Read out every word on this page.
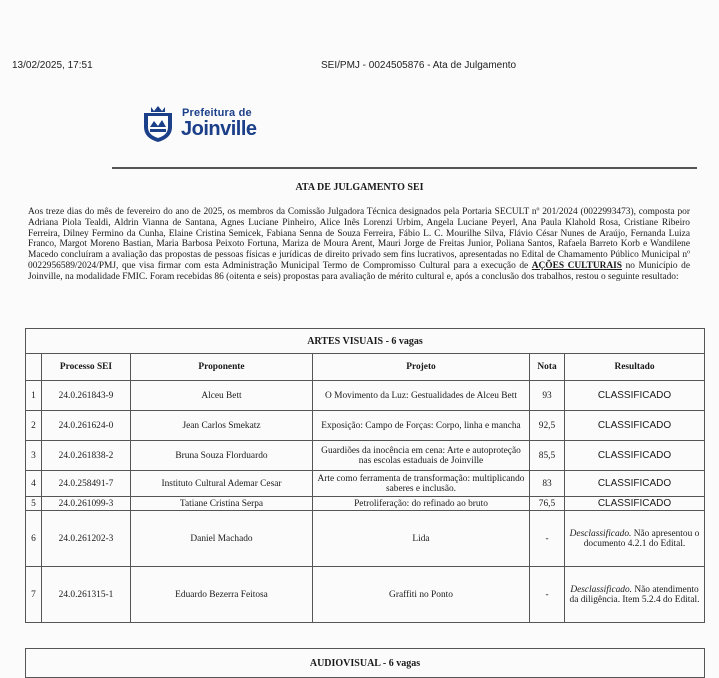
13/02/2025, 17:51	SEI/PMJ - 0024505876 - Ata de Julgamento
Prefeitura de
Joinville
ATA DE JULGAMENTO SEI
Aos treze dias do mês de fevereiro do ano de 2025, os membros da Comissão Julgadora Técnica designados pela Portaria SECULT nº 201/2024 (0022993473), composta por Adriana Piola Tealdi, Aldrin Vianna de Santana, Agnes Luciane Pinheiro, Alice Inês Lorenzi Urbim, Angela Luciane Peyerl, Ana Paula Klahold Rosa, Cristiane Ribeiro Ferreira, Dilney Fermino da Cunha, Elaine Cristina Semicek, Fabiana Senna de Souza Ferreira, Fábio L. C. Mourilhe Silva, Flávio César Nunes de Araújo, Fernanda Luiza Franco, Margot Moreno Bastian, Maria Barbosa Peixoto Fortuna, Mariza de Moura Arent, Mauri Jorge de Freitas Junior, Poliana Santos, Rafaela Barreto Korb e Wandilene Macedo concluíram a avaliação das propostas de pessoas físicas e jurídicas de direito privado sem fins lucrativos, apresentadas no Edital de Chamamento Público Municipal nº 0022956589/2024/PMJ, que visa firmar com esta Administração Municipal Termo de Compromisso Cultural para a execução de AÇÕES CULTURAIS no Município de Joinville, na modalidade FMIC. Foram recebidas 86 (oitenta e seis) propostas para avaliação de mérito cultural e, após a conclusão dos trabalhos, restou o seguinte resultado:
ARTES VISUAIS - 6 vagas					
	Processo SEI	Proponente	Projeto	Nota	Resultado
1	24.0.261843-9	Alceu Bett	O Movimento da Luz: Gestualidades de Alceu Bett	93	CLASSIFICADO
2	24.0.261624-0	Jean Carlos Smekatz	Exposição: Campo de Forças: Corpo, linha e mancha	92,5	CLASSIFICADO
3	24.0.261838-2	Bruna Souza Florduardo	Guardiões da inocência em cena: Arte e autoproteção nas escolas estaduais de Joinville	85,5	CLASSIFICADO
4	24.0.258491-7	Instituto Cultural Ademar Cesar	Arte como ferramenta de transformação: multiplicando saberes e inclusão.	83	CLASSIFICADO
5	24.0.261099-3	Tatiane Cristina Serpa	Petroliferação: do refinado ao bruto	76,5	CLASSIFICADO
6	24.0.261202-3	Daniel Machado	Lida	-	Desclassificado. Não apresentou o documento 4.2.1 do Edital.
7	24.0.261315-1	Eduardo Bezerra Feitosa	Graffiti no Ponto	-	Desclassificado. Não atendimento da diligência. Item 5.2.4 do Edital.
AUDIOVISUAL - 6 vagas
